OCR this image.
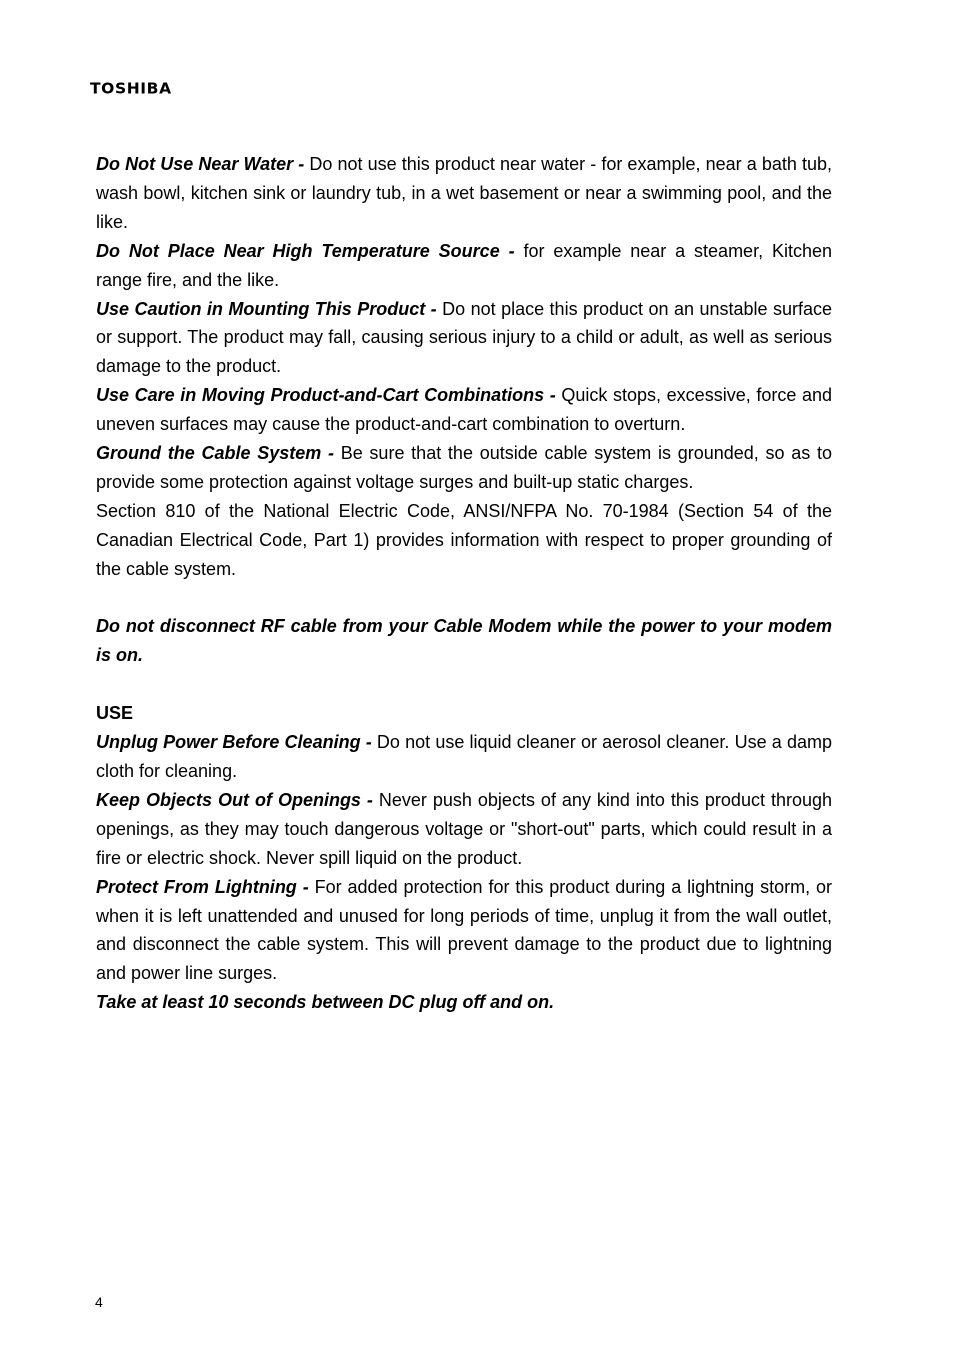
TOSHIBA

Do Not Use Near Water - Do not use this product near water - for example, near a bath tub, wash bowl, kitchen sink or laundry tub, in a wet basement or near a swimming pool, and the like.

Do Not Place Near High Temperature Source - for example near a steamer, Kitchen range fire, and the like.

Use Caution in Mounting This Product - Do not place this product on an unstable surface or support. The product may fall, causing serious injury to a child or adult, as well as serious damage to the product.

Use Care in Moving Product-and-Cart Combinations - Quick stops, excessive, force and uneven surfaces may cause the product-and-cart combination to overturn.

Ground the Cable System - Be sure that the outside cable system is grounded, so as to provide some protection against voltage surges and built-up static charges.

Section 810 of the National Electric Code, ANSI/NFPA No. 70-1984 (Section 54 of the Canadian Electrical Code, Part 1) provides information with respect to proper grounding of the cable system.

Do not disconnect RF cable from your Cable Modem while the power to your modem is on.

USE

Unplug Power Before Cleaning - Do not use liquid cleaner or aerosol cleaner. Use a damp cloth for cleaning.

Keep Objects Out of Openings - Never push objects of any kind into this product through openings, as they may touch dangerous voltage or "short-out" parts, which could result in a fire or electric shock. Never spill liquid on the product.

Protect From Lightning - For added protection for this product during a lightning storm, or when it is left unattended and unused for long periods of time, unplug it from the wall outlet, and disconnect the cable system. This will prevent damage to the product due to lightning and power line surges.

Take at least 10 seconds between DC plug off and on.

4
